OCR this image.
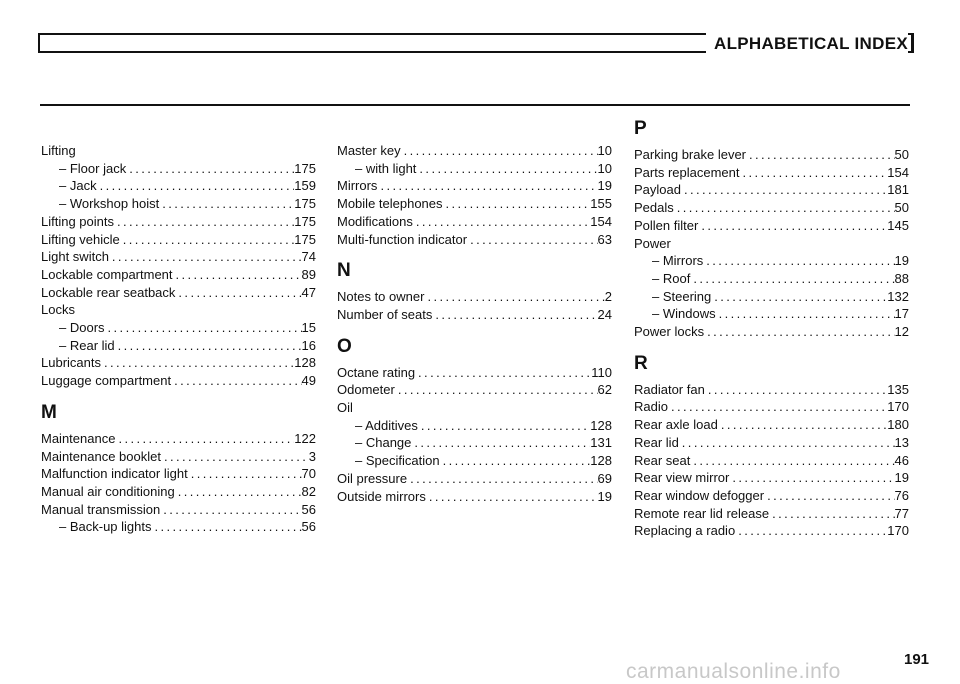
ALPHABETICAL INDEX
Lifting
– Floor jack .....	175
– Jack .....	159
– Workshop hoist .....	175
Lifting points .....	175
Lifting vehicle .....	175
Light switch .....	74
Lockable compartment .....	89
Lockable rear seatback .....	47
Locks
– Doors .....	15
– Rear lid .....	16
Lubricants .....	128
Luggage compartment .....	49
M
Maintenance .....	122
Maintenance booklet .....	3
Malfunction indicator light .....	70
Manual air conditioning .....	82
Manual transmission .....	56
– Back-up lights .....	56
Master key .....	10
– with light .....	10
Mirrors .....	19
Mobile telephones .....	155
Modifications .....	154
Multi-function indicator .....	63
N
Notes to owner .....	2
Number of seats .....	24
O
Octane rating .....	110
Odometer .....	62
Oil
– Additives .....	128
– Change .....	131
– Specification .....	128
Oil pressure .....	69
Outside mirrors .....	19
P
Parking brake lever .....	50
Parts replacement .....	154
Payload .....	181
Pedals .....	50
Pollen filter .....	145
Power
– Mirrors .....	19
– Roof .....	88
– Steering .....	132
– Windows .....	17
Power locks .....	12
R
Radiator fan .....	135
Radio .....	170
Rear axle load .....	180
Rear lid .....	13
Rear seat .....	46
Rear view mirror .....	19
Rear window defogger .....	76
Remote rear lid release .....	77
Replacing a radio .....	170
191
carmanualsonline.info
